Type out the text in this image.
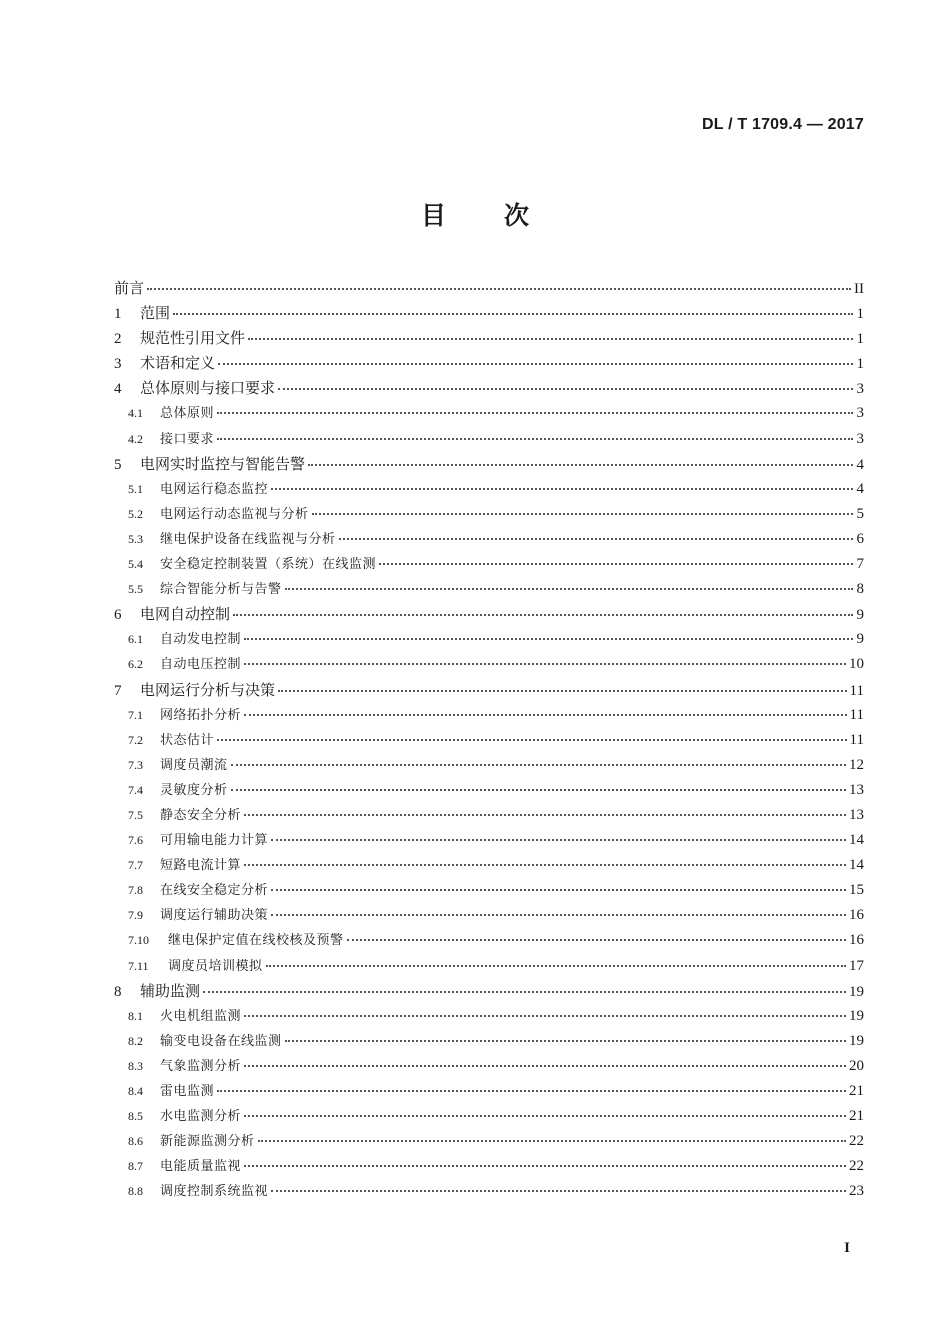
DL / T 1709.4 — 2017
目 次
前言	II
1	范围	1
2	规范性引用文件	1
3	术语和定义	1
4	总体原则与接口要求	3
4.1	总体原则	3
4.2	接口要求	3
5	电网实时监控与智能告警	4
5.1	电网运行稳态监控	4
5.2	电网运行动态监视与分析	5
5.3	继电保护设备在线监视与分析	6
5.4	安全稳定控制装置（系统）在线监测	7
5.5	综合智能分析与告警	8
6	电网自动控制	9
6.1	自动发电控制	9
6.2	自动电压控制	10
7	电网运行分析与决策	11
7.1	网络拓扑分析	11
7.2	状态估计	11
7.3	调度员潮流	12
7.4	灵敏度分析	13
7.5	静态安全分析	13
7.6	可用输电能力计算	14
7.7	短路电流计算	14
7.8	在线安全稳定分析	15
7.9	调度运行辅助决策	16
7.10	继电保护定值在线校核及预警	16
7.11	调度员培训模拟	17
8	辅助监测	19
8.1	火电机组监测	19
8.2	输变电设备在线监测	19
8.3	气象监测分析	20
8.4	雷电监测	21
8.5	水电监测分析	21
8.6	新能源监测分析	22
8.7	电能质量监视	22
8.8	调度控制系统监视	23
I
